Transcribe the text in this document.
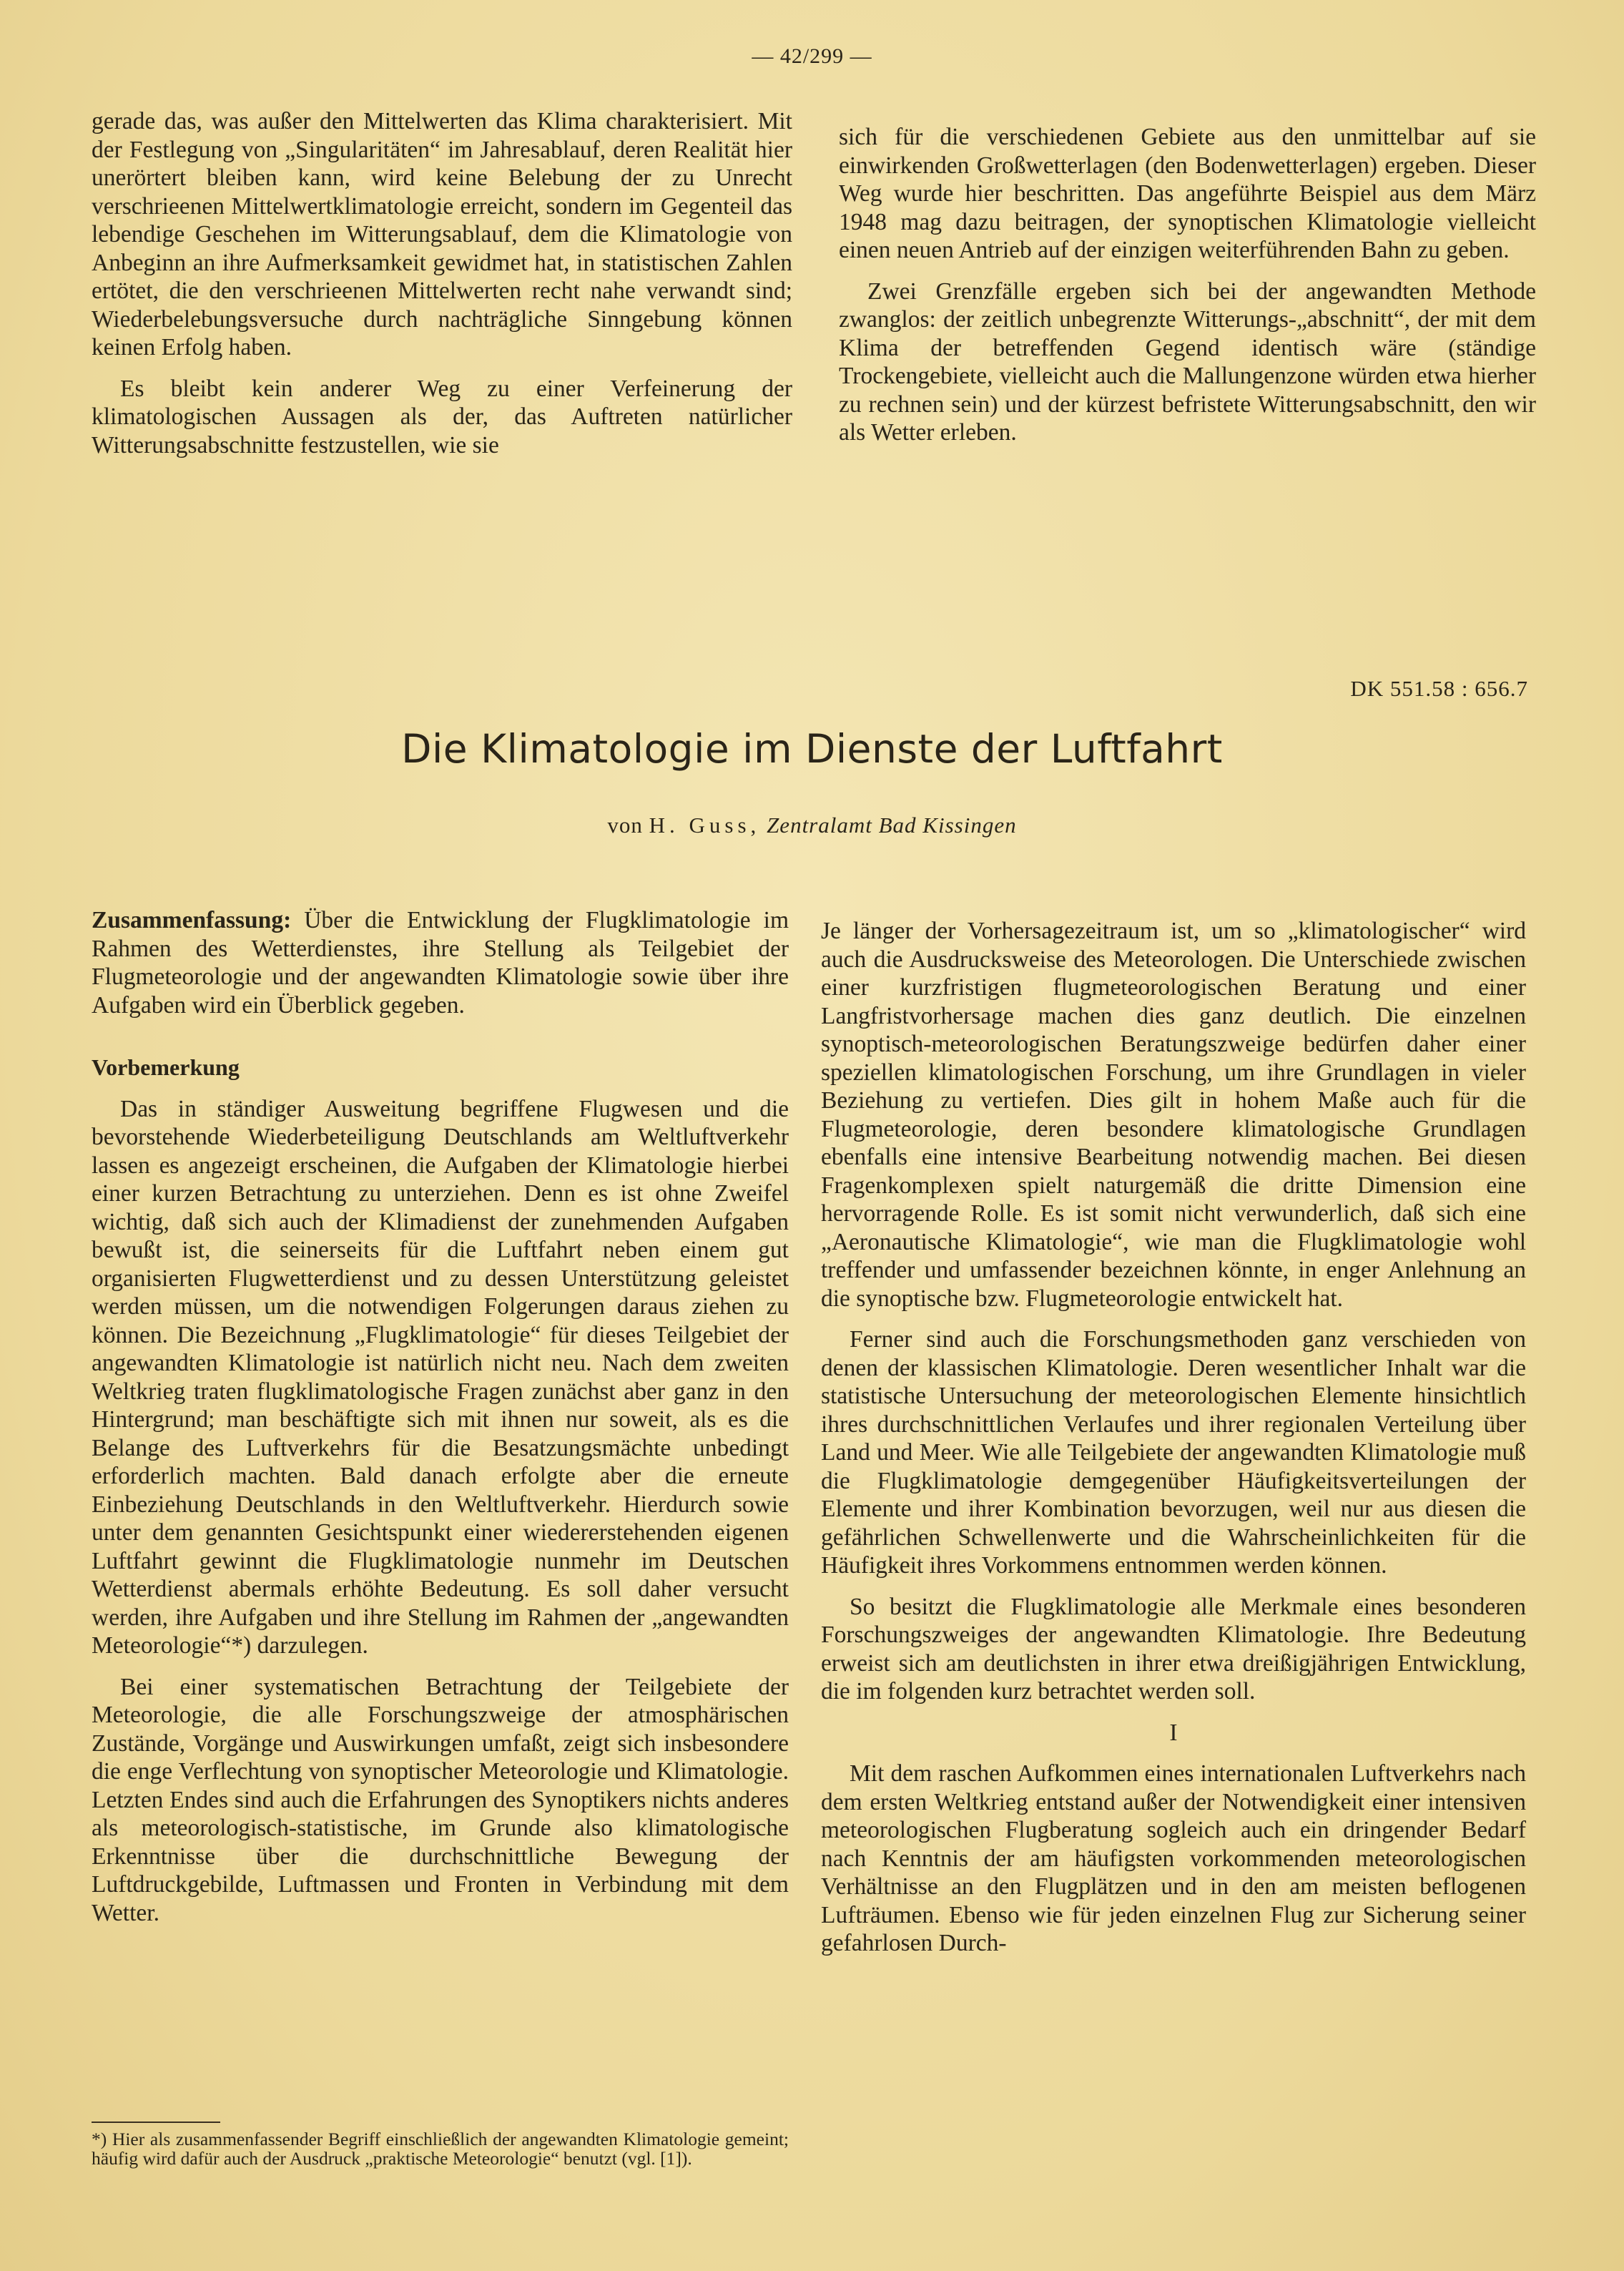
— 42/299 —

gerade das, was außer den Mittelwerten das Klima charakterisiert. Mit der Festlegung von „Singularitäten“ im Jahresablauf, deren Realität hier unerörtert bleiben kann, wird keine Belebung der zu Unrecht verschrieenen Mittelwertklimatologie erreicht, sondern im Gegenteil das lebendige Geschehen im Witterungsablauf, dem die Klimatologie von Anbeginn an ihre Aufmerksamkeit gewidmet hat, in statistischen Zahlen ertötet, die den verschrieenen Mittelwerten recht nahe verwandt sind; Wiederbelebungsversuche durch nachträgliche Sinngebung können keinen Erfolg haben.

Es bleibt kein anderer Weg zu einer Verfeinerung der klimatologischen Aussagen als der, das Auftreten natürlicher Witterungsabschnitte festzustellen, wie sie

sich für die verschiedenen Gebiete aus den unmittelbar auf sie einwirkenden Großwetterlagen (den Bodenwetterlagen) ergeben. Dieser Weg wurde hier beschritten. Das angeführte Beispiel aus dem März 1948 mag dazu beitragen, der synoptischen Klimatologie vielleicht einen neuen Antrieb auf der einzigen weiterführenden Bahn zu geben.

Zwei Grenzfälle ergeben sich bei der angewandten Methode zwanglos: der zeitlich unbegrenzte Witterungs-„abschnitt“, der mit dem Klima der betreffenden Gegend identisch wäre (ständige Trockengebiete, vielleicht auch die Mallungenzone würden etwa hierher zu rechnen sein) und der kürzest befristete Witterungsabschnitt, den wir als Wetter erleben.

DK 551.58 : 656.7
Die Klimatologie im Dienste der Luftfahrt
von H. Guss, Zentralamt Bad Kissingen
Zusammenfassung: Über die Entwicklung der Flugklimatologie im Rahmen des Wetterdienstes, ihre Stellung als Teilgebiet der Flugmeteorologie und der angewandten Klimatologie sowie über ihre Aufgaben wird ein Überblick gegeben.

Vorbemerkung

Das in ständiger Ausweitung begriffene Flugwesen und die bevorstehende Wiederbeteiligung Deutschlands am Weltluftverkehr lassen es angezeigt erscheinen, die Aufgaben der Klimatologie hierbei einer kurzen Betrachtung zu unterziehen. Denn es ist ohne Zweifel wichtig, daß sich auch der Klimadienst der zunehmenden Aufgaben bewußt ist, die seinerseits für die Luftfahrt neben einem gut organisierten Flugwetterdienst und zu dessen Unterstützung geleistet werden müssen, um die notwendigen Folgerungen daraus ziehen zu können. Die Bezeichnung „Flugklimatologie“ für dieses Teilgebiet der angewandten Klimatologie ist natürlich nicht neu. Nach dem zweiten Weltkrieg traten flugklimatologische Fragen zunächst aber ganz in den Hintergrund; man beschäftigte sich mit ihnen nur soweit, als es die Belange des Luftverkehrs für die Besatzungsmächte unbedingt erforderlich machten. Bald danach erfolgte aber die erneute Einbeziehung Deutschlands in den Weltluftverkehr. Hierdurch sowie unter dem genannten Gesichtspunkt einer wiedererstehenden eigenen Luftfahrt gewinnt die Flugklimatologie nunmehr im Deutschen Wetterdienst abermals erhöhte Bedeutung. Es soll daher versucht werden, ihre Aufgaben und ihre Stellung im Rahmen der „angewandten Meteorologie“*) darzulegen.

Bei einer systematischen Betrachtung der Teilgebiete der Meteorologie, die alle Forschungszweige der atmosphärischen Zustände, Vorgänge und Auswirkungen umfaßt, zeigt sich insbesondere die enge Verflechtung von synoptischer Meteorologie und Klimatologie. Letzten Endes sind auch die Erfahrungen des Synoptikers nichts anderes als meteorologisch-statistische, im Grunde also klimatologische Erkenntnisse über die durchschnittliche Bewegung der Luftdruckgebilde, Luftmassen und Fronten in Verbindung mit dem Wetter.

*) Hier als zusammenfassender Begriff einschließlich der angewandten Klimatologie gemeint; häufig wird dafür auch der Ausdruck „praktische Meteorologie“ benutzt (vgl. [1]).

Je länger der Vorhersagezeitraum ist, um so „klimatologischer“ wird auch die Ausdrucksweise des Meteorologen. Die Unterschiede zwischen einer kurzfristigen flugmeteorologischen Beratung und einer Langfristvorhersage machen dies ganz deutlich. Die einzelnen synoptisch-meteorologischen Beratungszweige bedürfen daher einer speziellen klimatologischen Forschung, um ihre Grundlagen in vieler Beziehung zu vertiefen. Dies gilt in hohem Maße auch für die Flugmeteorologie, deren besondere klimatologische Grundlagen ebenfalls eine intensive Bearbeitung notwendig machen. Bei diesen Fragenkomplexen spielt naturgemäß die dritte Dimension eine hervorragende Rolle. Es ist somit nicht verwunderlich, daß sich eine „Aeronautische Klimatologie“, wie man die Flugklimatologie wohl treffender und umfassender bezeichnen könnte, in enger Anlehnung an die synoptische bzw. Flugmeteorologie entwickelt hat.

Ferner sind auch die Forschungsmethoden ganz verschieden von denen der klassischen Klimatologie. Deren wesentlicher Inhalt war die statistische Untersuchung der meteorologischen Elemente hinsichtlich ihres durchschnittlichen Verlaufes und ihrer regionalen Verteilung über Land und Meer. Wie alle Teilgebiete der angewandten Klimatologie muß die Flugklimatologie demgegenüber Häufigkeitsverteilungen der Elemente und ihrer Kombination bevorzugen, weil nur aus diesen die gefährlichen Schwellenwerte und die Wahrscheinlichkeiten für die Häufigkeit ihres Vorkommens entnommen werden können.

So besitzt die Flugklimatologie alle Merkmale eines besonderen Forschungszweiges der angewandten Klimatologie. Ihre Bedeutung erweist sich am deutlichsten in ihrer etwa dreißigjährigen Entwicklung, die im folgenden kurz betrachtet werden soll.

I

Mit dem raschen Aufkommen eines internationalen Luftverkehrs nach dem ersten Weltkrieg entstand außer der Notwendigkeit einer intensiven meteorologischen Flugberatung sogleich auch ein dringender Bedarf nach Kenntnis der am häufigsten vorkommenden meteorologischen Verhältnisse an den Flugplätzen und in den am meisten beflogenen Lufträumen. Ebenso wie für jeden einzelnen Flug zur Sicherung seiner gefahrlosen Durch-
